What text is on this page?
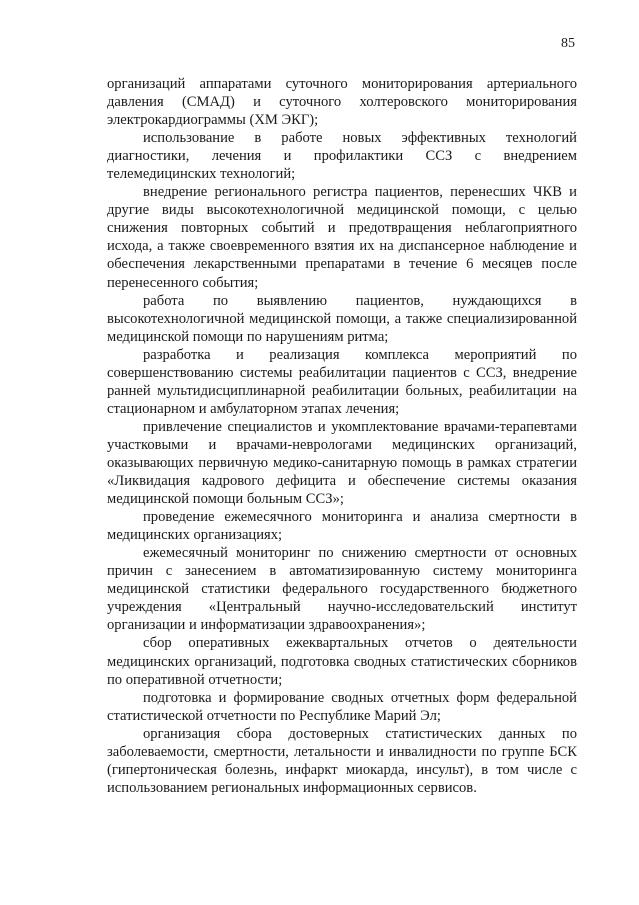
85

организаций аппаратами суточного мониторирования артериального давления (СМАД) и суточного холтеровского мониторирования электрокардиограммы (ХМ ЭКГ);

использование в работе новых эффективных технологий диагностики, лечения и профилактики ССЗ с внедрением телемедицинских технологий;

внедрение регионального регистра пациентов, перенесших ЧКВ и другие виды высокотехнологичной медицинской помощи, с целью снижения повторных событий и предотвращения неблагоприятного исхода, а также своевременного взятия их на диспансерное наблюдение и обеспечения лекарственными препаратами в течение 6 месяцев после перенесенного события;

работа по выявлению пациентов, нуждающихся в высокотехнологичной медицинской помощи, а также специализированной медицинской помощи по нарушениям ритма;

разработка и реализация комплекса мероприятий по совершенствованию системы реабилитации пациентов с ССЗ, внедрение ранней мультидисциплинарной реабилитации больных, реабилитации на стационарном и амбулаторном этапах лечения;

привлечение специалистов и укомплектование врачами-терапевтами участковыми и врачами-неврологами медицинских организаций, оказывающих первичную медико-санитарную помощь в рамках стратегии «Ликвидация кадрового дефицита и обеспечение системы оказания медицинской помощи больным ССЗ»;

проведение ежемесячного мониторинга и анализа смертности в медицинских организациях;

ежемесячный мониторинг по снижению смертности от основных причин с занесением в автоматизированную систему мониторинга медицинской статистики федерального государственного бюджетного учреждения «Центральный научно-исследовательский институт организации и информатизации здравоохранения»;

сбор оперативных ежеквартальных отчетов о деятельности медицинских организаций, подготовка сводных статистических сборников по оперативной отчетности;

подготовка и формирование сводных отчетных форм федеральной статистической отчетности по Республике Марий Эл;

организация сбора достоверных статистических данных по заболеваемости, смертности, летальности и инвалидности по группе БСК (гипертоническая болезнь, инфаркт миокарда, инсульт), в том числе с использованием региональных информационных сервисов.
